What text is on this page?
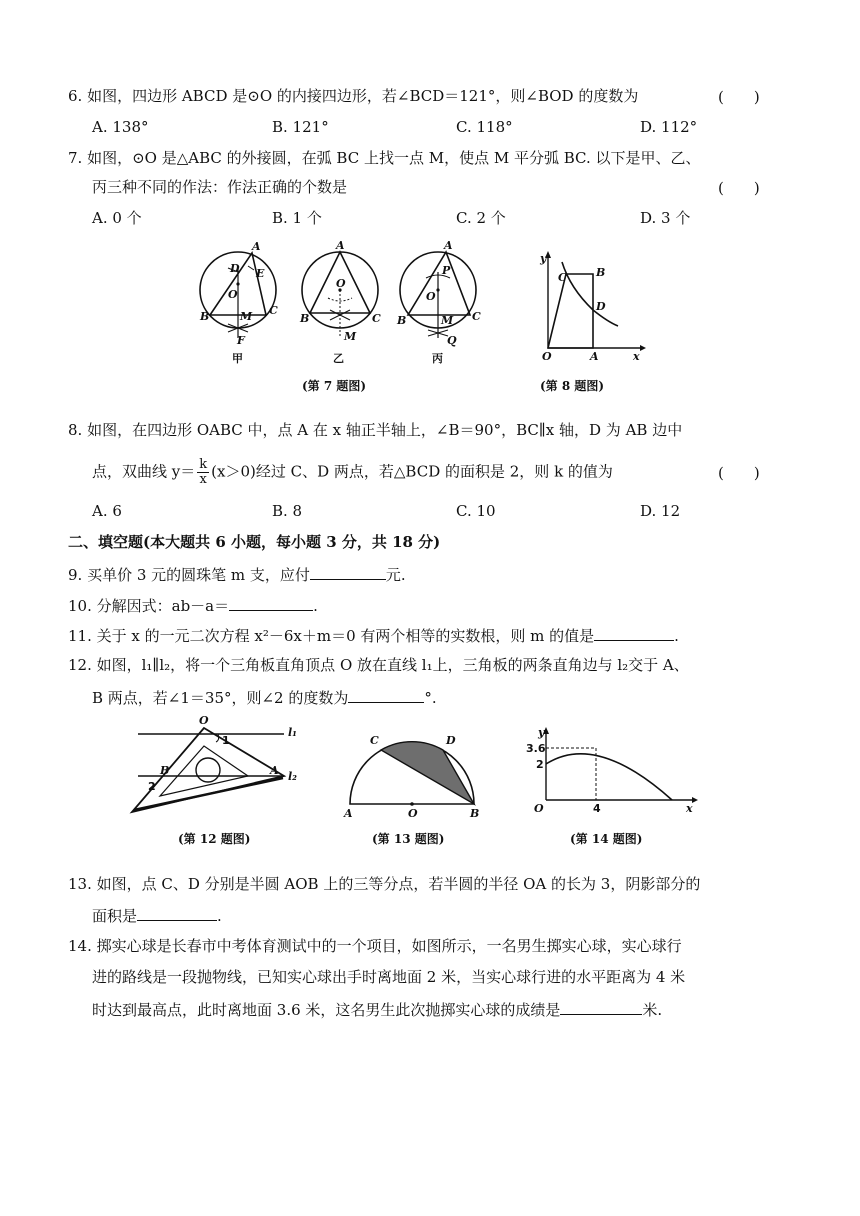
6. 如图，四边形 ABCD 是⊙O 的内接四边形，若∠BCD＝121°，则∠BOD 的度数为	(　　)
A. 138°	B. 121°	C. 118°	D. 112°
7. 如图，⊙O 是△ABC 的外接圆，在弧 BC 上找一点 M，使点 M 平分弧 BC. 以下是甲、乙、
丙三种不同的作法：作法正确的个数是	(　　)
A. 0 个	B. 1 个	C. 2 个	D. 3 个
A
D E
O
B	C
M
F
甲
A
O
B	C
M
乙
A
P
O
B	C
M
Q
丙
(第 7 题图)
y
C	B
D
O	A	x
(第 8 题图)
8. 如图，在四边形 OABC 中，点 A 在 x 轴正半轴上，∠B＝90°，BC∥x 轴，D 为 AB 边中
点，双曲线 $y= \frac{k}{x} (x>0)$经过 C、D 两点，若△BCD 的面积是 2，则 k 的值为	(　　)
A. 6	B. 8	C. 10	D. 12
二、填空题(本大题共 6 小题，每小题 3 分，共 18 分)
9. 买单价 3 元的圆珠笔 m 支，应付	元.
10. 分解因式：ab－a＝	.
11. 关于 x 的一元二次方程 x²－6x＋m＝0 有两个相等的实数根，则 m 的值是	.
12. 如图，l₁∥l₂，将一个三角板直角顶点 O 放在直线 l₁上，三角板的两条直角边与 l₂交于 A、
B 两点，若∠1＝35°，则∠2 的度数为	°.
O
1
l₁
B	A l₂
2
(第 12 题图)
C	D
A	O	B
(第 13 题图)
y
3.6
2
O	4	x
(第 14 题图)
13. 如图，点 C、D 分别是半圆 AOB 上的三等分点，若半圆的半径 OA 的长为 3，阴影部分的
面积是	.
14. 掷实心球是长春市中考体育测试中的一个项目，如图所示，一名男生掷实心球，实心球行
进的路线是一段抛物线，已知实心球出手时离地面 2 米，当实心球行进的水平距离为 4 米
时达到最高点，此时离地面 3.6 米，这名男生此次抛掷实心球的成绩是	米.
